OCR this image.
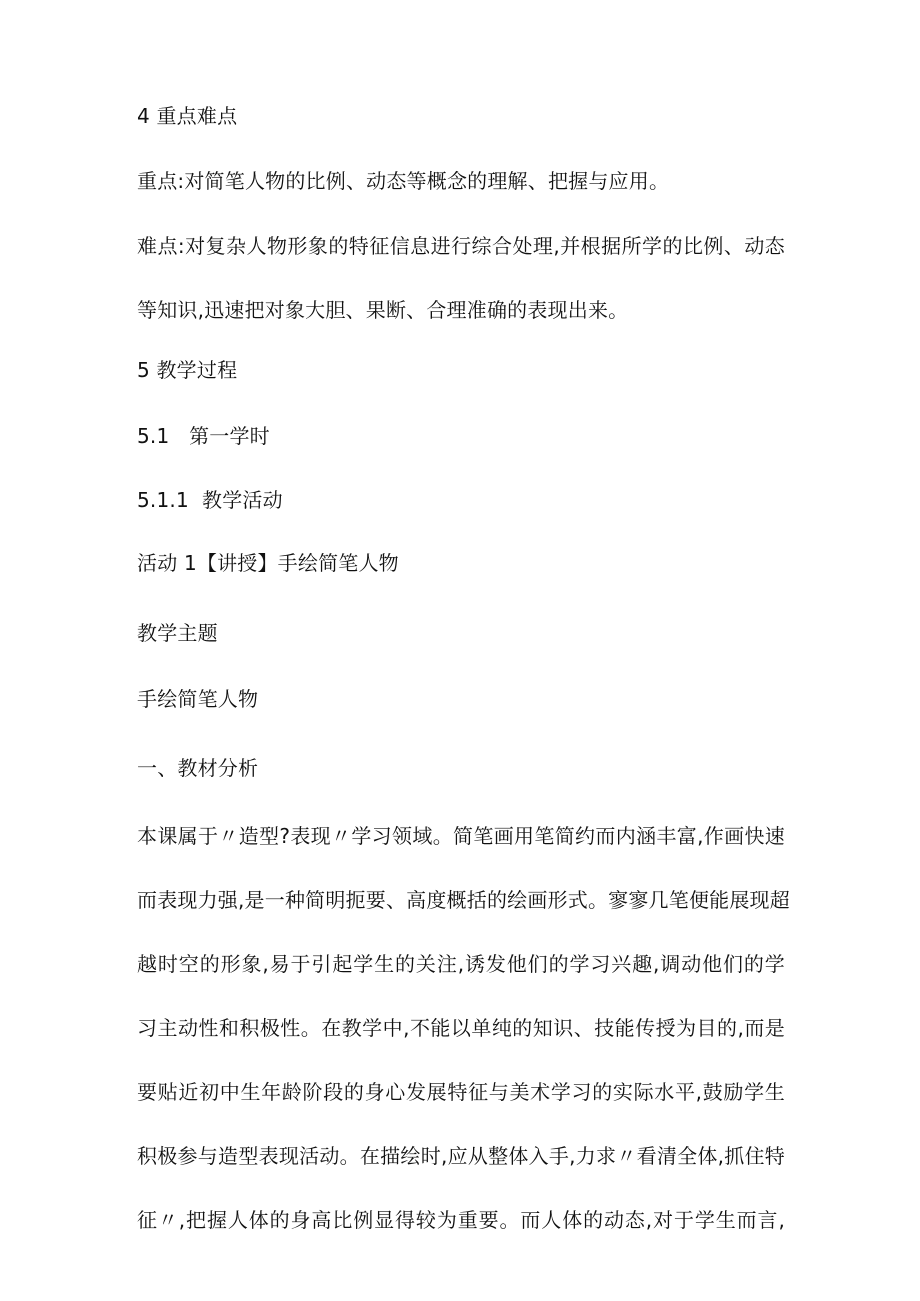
4 重点难点

重点:对简笔人物的比例、动态等概念的理解、把握与应用。

难点:对复杂人物形象的特征信息进行综合处理,并根据所学的比例、动态
等知识,迅速把对象大胆、果断、合理准确的表现出来。

5 教学过程

5.1   第一学时

5.1.1  教学活动

活动 1【讲授】手绘简笔人物

教学主题

手绘简笔人物

一、教材分析

本课属于〃造型?表现〃学习领域。简笔画用笔简约而内涵丰富,作画快速
而表现力强,是一种简明扼要、高度概括的绘画形式。寥寥几笔便能展现超
越时空的形象,易于引起学生的关注,诱发他们的学习兴趣,调动他们的学
习主动性和积极性。在教学中,不能以单纯的知识、技能传授为目的,而是
要贴近初中生年龄阶段的身心发展特征与美术学习的实际水平,鼓励学生
积极参与造型表现活动。在描绘时,应从整体入手,力求〃看清全体,抓住特
征〃,把握人体的身高比例显得较为重要。而人体的动态,对于学生而言,
